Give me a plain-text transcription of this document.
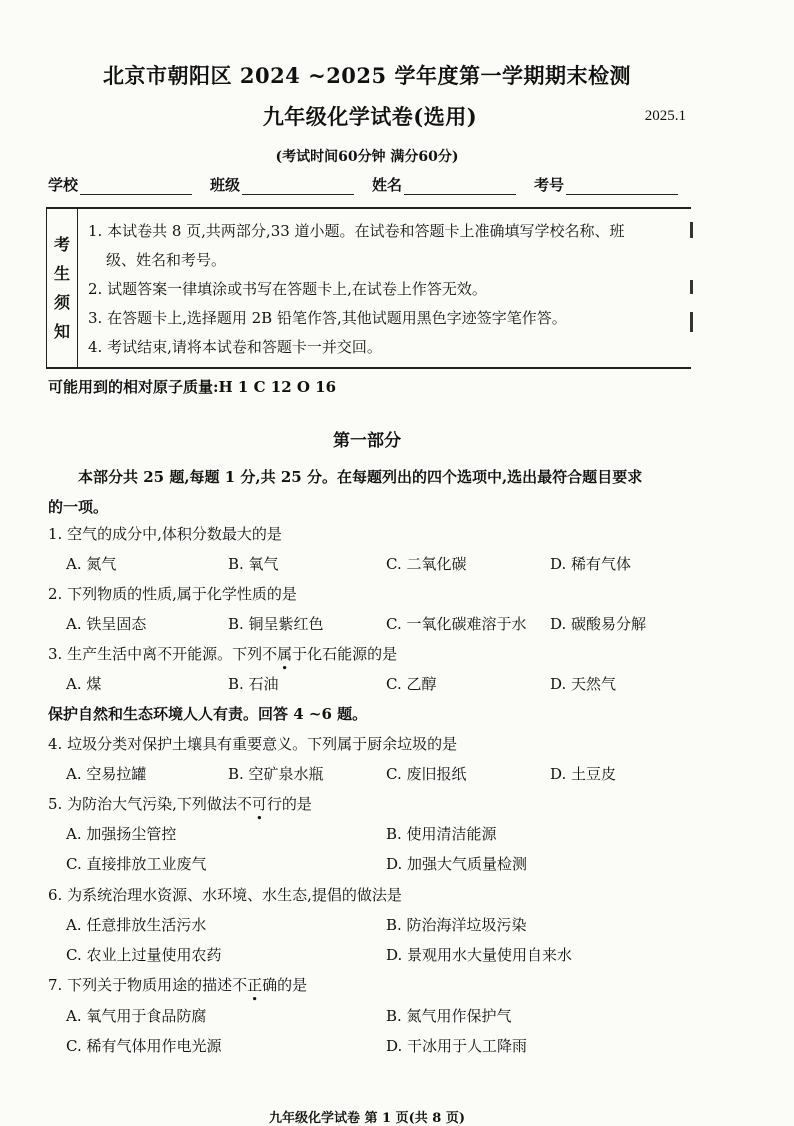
北京市朝阳区 2024 ~2025 学年度第一学期期末检测
九年级化学试卷(选用)	2025.1
(考试时间60分钟 满分60分)
学校	班级	姓名	考号
考
生
须
知
1. 本试卷共 8 页,共两部分,33 道小题。在试卷和答题卡上准确填写学校名称、班
级、姓名和考号。
2. 试题答案一律填涂或书写在答题卡上,在试卷上作答无效。
3. 在答题卡上,选择题用 2B 铅笔作答,其他试题用黑色字迹签字笔作答。
4. 考试结束,请将本试卷和答题卡一并交回。
可能用到的相对原子质量:H 1 C 12 O 16
第一部分
本部分共 25 题,每题 1 分,共 25 分。在每题列出的四个选项中,选出最符合题目要求
的一项。
1. 空气的成分中,体积分数最大的是
A. 氮气	B. 氧气	C. 二氧化碳	D. 稀有气体
2. 下列物质的性质,属于化学性质的是
A. 铁呈固态	B. 铜呈紫红色	C. 一氧化碳难溶于水 D. 碳酸易分解
3. 生产生活中离不开能源。下列不属于化石能源的是
A. 煤	B. 石油	C. 乙醇	D. 天然气
保护自然和生态环境人人有责。回答 4 ~6 题。
4. 垃圾分类对保护土壤具有重要意义。下列属于厨余垃圾的是
A. 空易拉罐	B. 空矿泉水瓶	C. 废旧报纸	D. 土豆皮
5. 为防治大气污染,下列做法不可行的是
A. 加强扬尘管控	B. 使用清洁能源
C. 直接排放工业废气	D. 加强大气质量检测
6. 为系统治理水资源、水环境、水生态,提倡的做法是
A. 任意排放生活污水	B. 防治海洋垃圾污染
C. 农业上过量使用农药	D. 景观用水大量使用自来水
7. 下列关于物质用途的描述不正确的是
A. 氧气用于食品防腐	B. 氮气用作保护气
C. 稀有气体用作电光源	D. 干冰用于人工降雨
九年级化学试卷 第 1 页(共 8 页)
